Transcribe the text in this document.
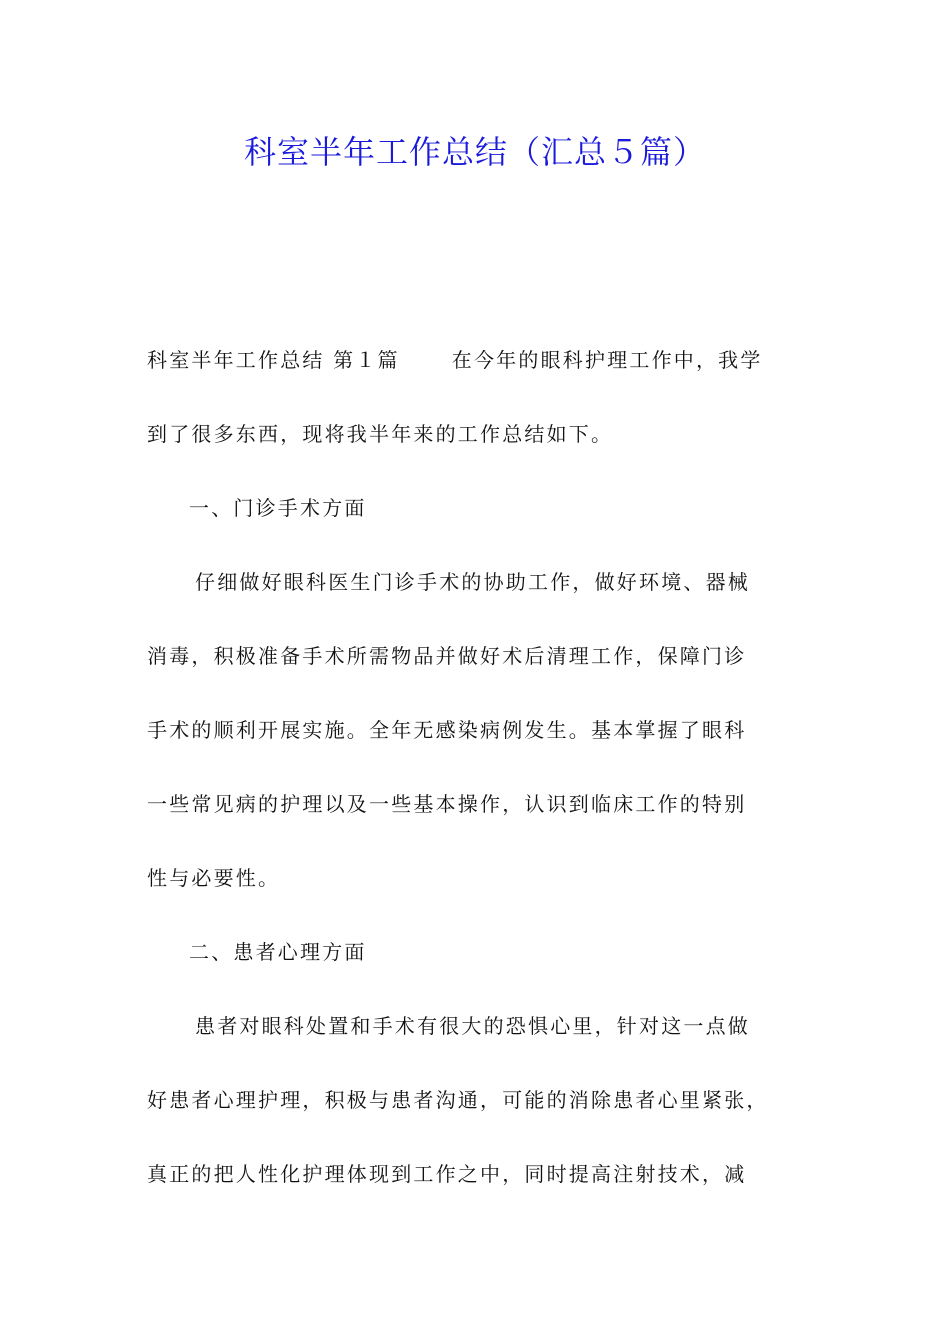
科室半年工作总结（汇总５篇）
科室半年工作总结 第１篇	在今年的眼科护理工作中，我学
到了很多东西，现将我半年来的工作总结如下。
一、门诊手术方面
仔细做好眼科医生门诊手术的协助工作，做好环境、器械
消毒，积极准备手术所需物品并做好术后清理工作，保障门诊
手术的顺利开展实施。全年无感染病例发生。基本掌握了眼科
一些常见病的护理以及一些基本操作，认识到临床工作的特别
性与必要性。
二、患者心理方面
患者对眼科处置和手术有很大的恐惧心里，针对这一点做
好患者心理护理，积极与患者沟通，可能的消除患者心里紧张，
真正的把人性化护理体现到工作之中，同时提高注射技术，减
